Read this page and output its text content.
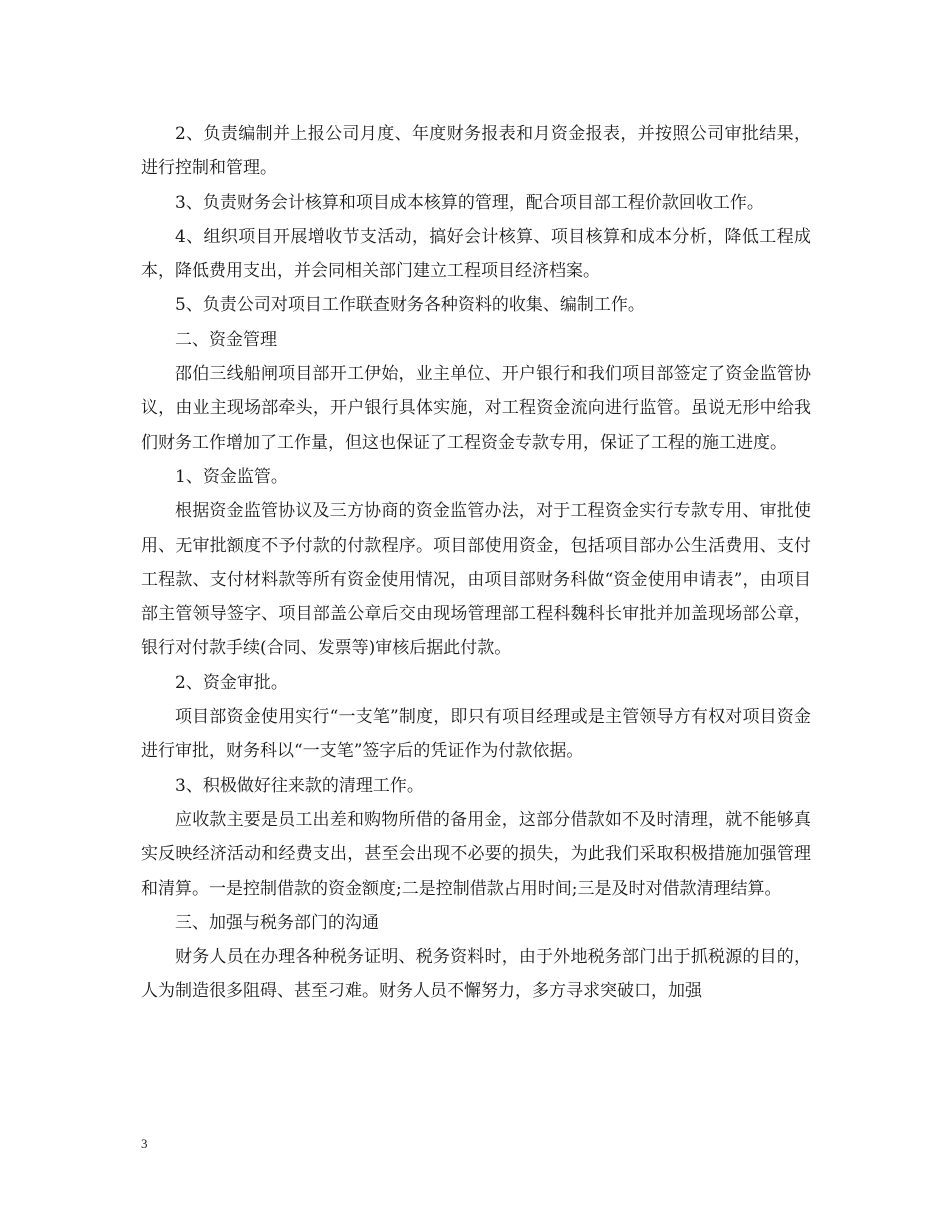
2、负责编制并上报公司月度、年度财务报表和月资金报表，并按照公司审批结果，进行控制和管理。

3、负责财务会计核算和项目成本核算的管理，配合项目部工程价款回收工作。

4、组织项目开展增收节支活动，搞好会计核算、项目核算和成本分析，降低工程成本，降低费用支出，并会同相关部门建立工程项目经济档案。

5、负责公司对项目工作联查财务各种资料的收集、编制工作。

二、资金管理

邵伯三线船闸项目部开工伊始，业主单位、开户银行和我们项目部签定了资金监管协议，由业主现场部牵头，开户银行具体实施，对工程资金流向进行监管。虽说无形中给我们财务工作增加了工作量，但这也保证了工程资金专款专用，保证了工程的施工进度。

1、资金监管。

根据资金监管协议及三方协商的资金监管办法，对于工程资金实行专款专用、审批使用、无审批额度不予付款的付款程序。项目部使用资金，包括项目部办公生活费用、支付工程款、支付材料款等所有资金使用情况，由项目部财务科做“资金使用申请表”，由项目部主管领导签字、项目部盖公章后交由现场管理部工程科魏科长审批并加盖现场部公章，银行对付款手续(合同、发票等)审核后据此付款。

2、资金审批。

项目部资金使用实行“一支笔”制度，即只有项目经理或是主管领导方有权对项目资金进行审批，财务科以“一支笔”签字后的凭证作为付款依据。

3、积极做好往来款的清理工作。

应收款主要是员工出差和购物所借的备用金，这部分借款如不及时清理，就不能够真实反映经济活动和经费支出，甚至会出现不必要的损失，为此我们采取积极措施加强管理和清算。一是控制借款的资金额度;二是控制借款占用时间;三是及时对借款清理结算。

三、加强与税务部门的沟通

财务人员在办理各种税务证明、税务资料时，由于外地税务部门出于抓税源的目的，人为制造很多阻碍、甚至刁难。财务人员不懈努力，多方寻求突破口，加强

3
